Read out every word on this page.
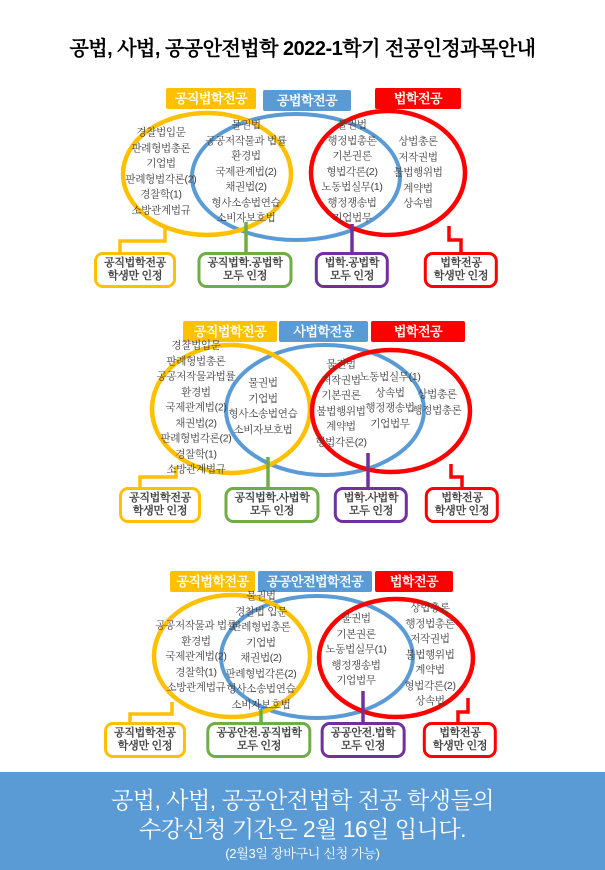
공법, 사법, 공공안전법학 2022-1학기 전공인정과목안내
공직법학전공	공법학전공	법학전공
경찰법입문
판례형법총론
기업법
판례형법각론(2)
경찰학(1)
소방관계법규
물권법
공공저작물과 법률
환경법
국제관계법(2)
채권법(2)
형사소송법연습
소비자보호법
물권법
행정법총론
기본권론
형법각론(2)
노동법실무(1)
행정쟁송법
기업법무
상법총론
저작권법
불법행위법
계약법
상속법
공직법학전공
학생만 인정
공직법학.공법학
모두 인정
법학.공법학
모두 인정
법학전공
학생만 인정
공직법학전공	사법학전공	법학전공
경찰법입문
판례형법총론
공공저작물과법률
환경법
국제관계법(2)
채권법(2)
판례형법각론(2)
경찰학(1)
소방관계법규
물권법
기업법
형사소송법연습
소비자보호법
물권법
저작권법
기본권론
불법행위법
계약법
형법각론(2)
노동법실무(1)
상속법
행정쟁송법
기업법무
상법총론
행정법총론
공직법학전공
학생만 인정
공직법학.사법학
모두 인정
법학.사법학
모두 인정
법학전공
학생만 인정
공직법학전공	공공안전법학전공	법학전공
공공저작물과 법률
환경법
국제관계법(2)
경찰학(1)
소방관계법규
물권법
경찰법 입문
판례형법총론
기업법
채권법(2)
판례형법각론(2)
형사소송법연습
소비자보호법
물권법
기본권론
노동법실무(1)
행정쟁송법
기업법무
상법총론
행정법총론
저작권법
불법행위법
계약법
형법각론(2)
상속법
공직법학전공
학생만 인정
공공안전.공직법학
모두 인정
공공안전.법학
모두 인정
법학전공
학생만 인정
공법, 사법, 공공안전법학 전공 학생들의
수강신청 기간은 2월 16일 입니다.
(2월3일 장바구니 신청 가능)
